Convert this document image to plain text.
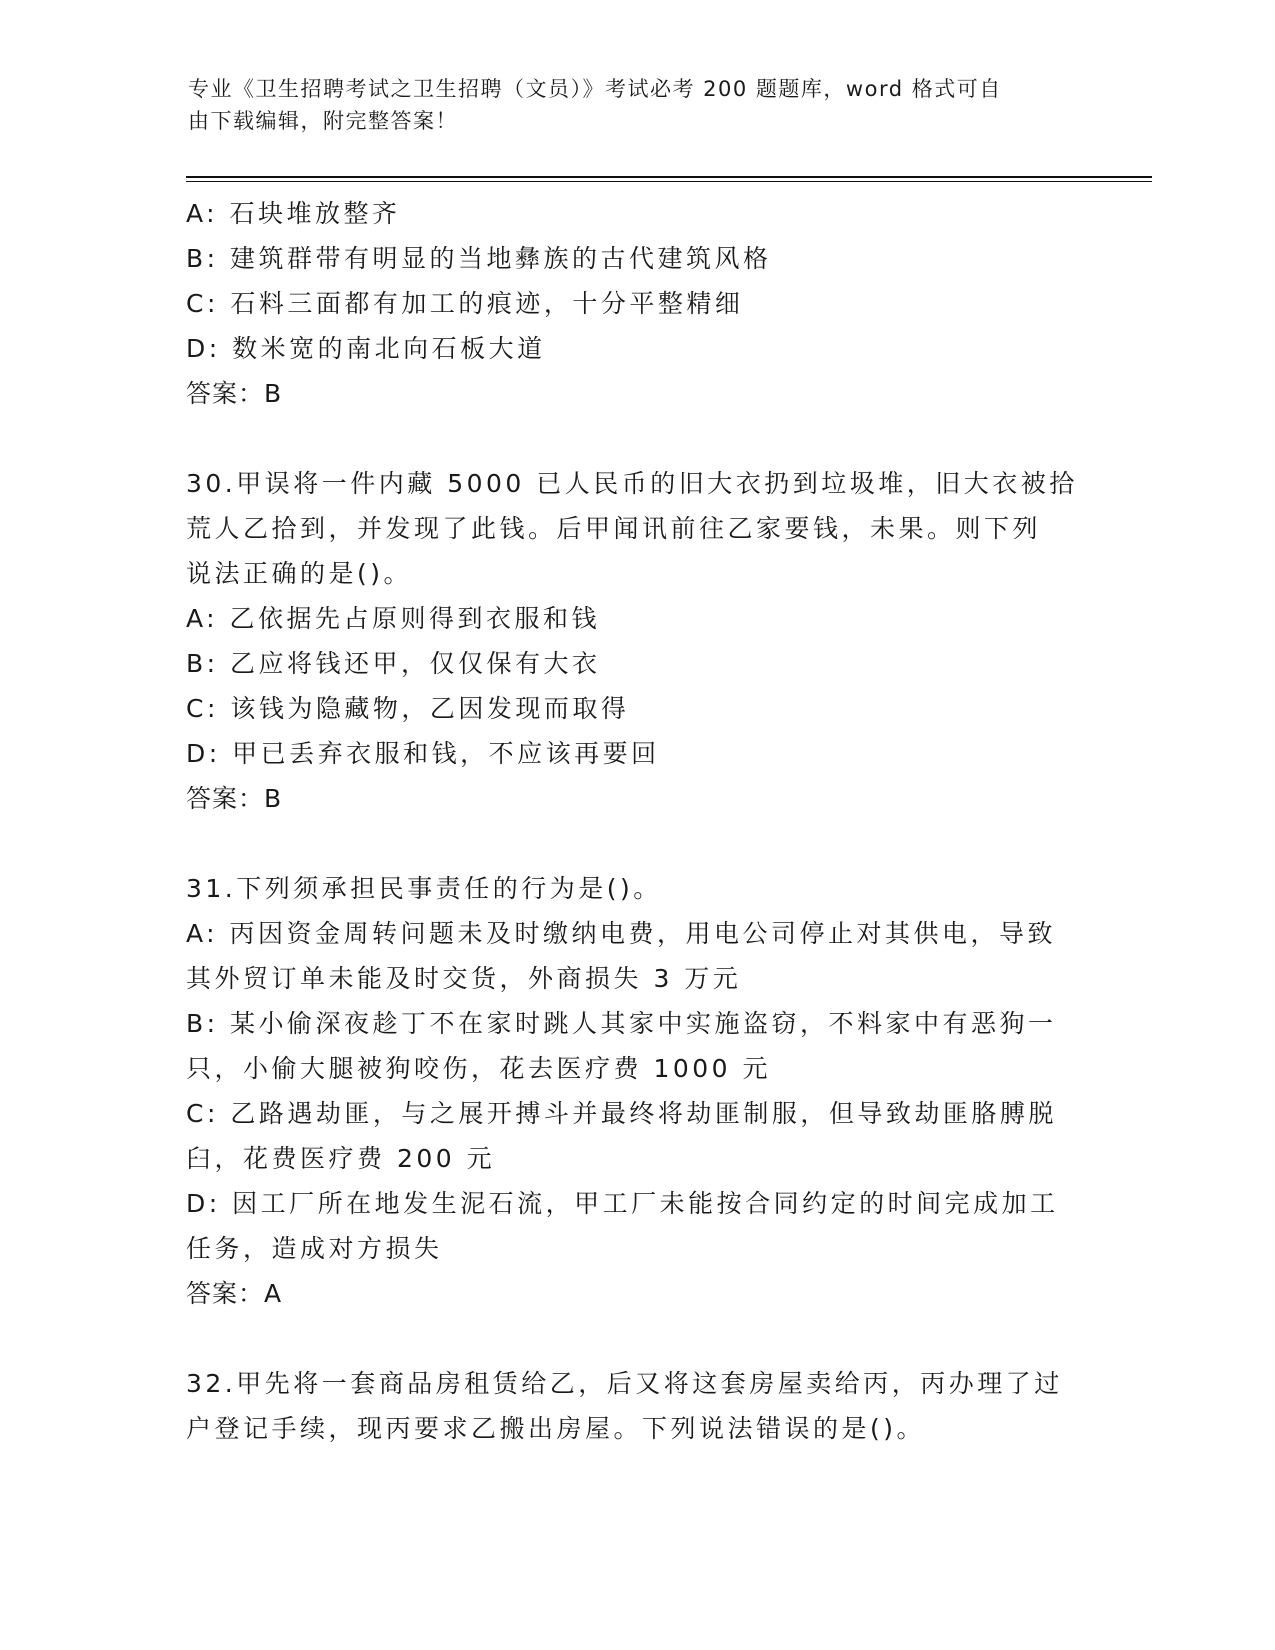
专业《卫生招聘考试之卫生招聘（文员）》考试必考 200 题题库，word 格式可自
由下载编辑，附完整答案！
A: 石块堆放整齐
B: 建筑群带有明显的当地彝族的古代建筑风格
C: 石料三面都有加工的痕迹，十分平整精细
D: 数米宽的南北向石板大道
答案：B
30.甲误将一件内藏 5000 已人民币的旧大衣扔到垃圾堆，旧大衣被拾
荒人乙拾到，并发现了此钱。后甲闻讯前往乙家要钱，未果。则下列
说法正确的是()。
A: 乙依据先占原则得到衣服和钱
B: 乙应将钱还甲，仅仅保有大衣
C: 该钱为隐藏物，乙因发现而取得
D: 甲已丢弃衣服和钱，不应该再要回
答案：B
31.下列须承担民事责任的行为是()。
A: 丙因资金周转问题未及时缴纳电费，用电公司停止对其供电，导致
其外贸订单未能及时交货，外商损失 3 万元
B: 某小偷深夜趁丁不在家时跳人其家中实施盗窃，不料家中有恶狗一
只，小偷大腿被狗咬伤，花去医疗费 1000 元
C: 乙路遇劫匪，与之展开搏斗并最终将劫匪制服，但导致劫匪胳膊脱
臼，花费医疗费 200 元
D: 因工厂所在地发生泥石流，甲工厂未能按合同约定的时间完成加工
任务，造成对方损失
答案：A
32.甲先将一套商品房租赁给乙，后又将这套房屋卖给丙，丙办理了过
户登记手续，现丙要求乙搬出房屋。下列说法错误的是()。
